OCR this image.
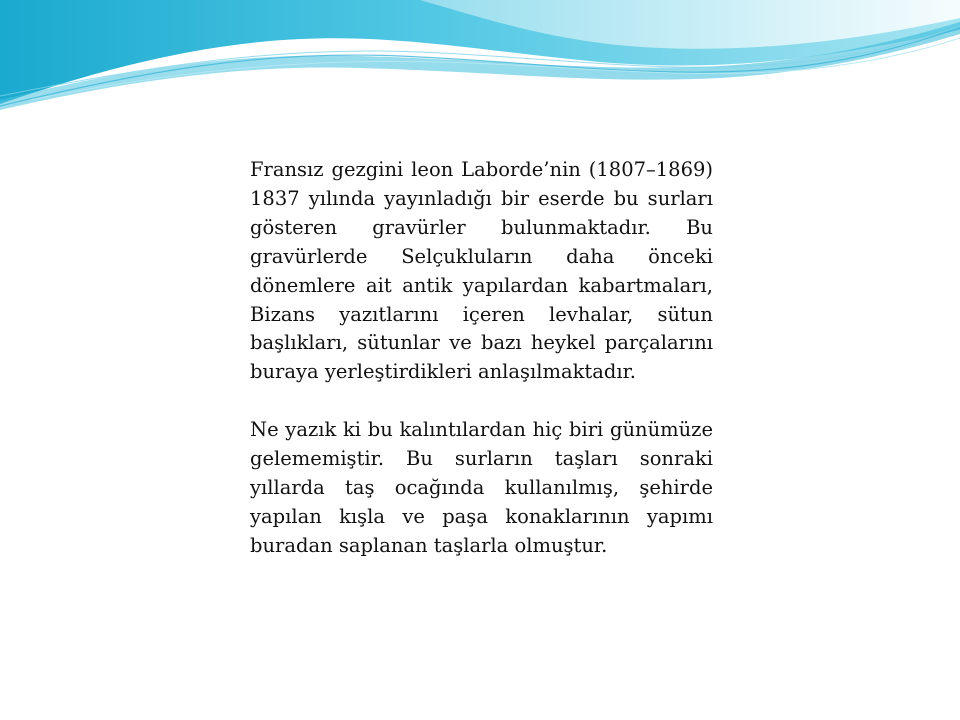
Fransız gezgini leon Laborde’nin (1807–1869) 1837 yılında yayınladığı bir eserde bu surları gösteren gravürler bulunmaktadır. Bu gravürlerde Selçukluların daha önceki dönemlere ait antik yapılardan kabartmaları, Bizans yazıtlarını içeren levhalar, sütun başlıkları, sütunlar ve bazı heykel parçalarını buraya yerleştirdikleri anlaşılmaktadır.

Ne yazık ki bu kalıntılardan hiç biri günümüze gelememiştir. Bu surların taşları sonraki yıllarda taş ocağında kullanılmış, şehirde yapılan kışla ve paşa konaklarının yapımı buradan saplanan taşlarla olmuştur.
